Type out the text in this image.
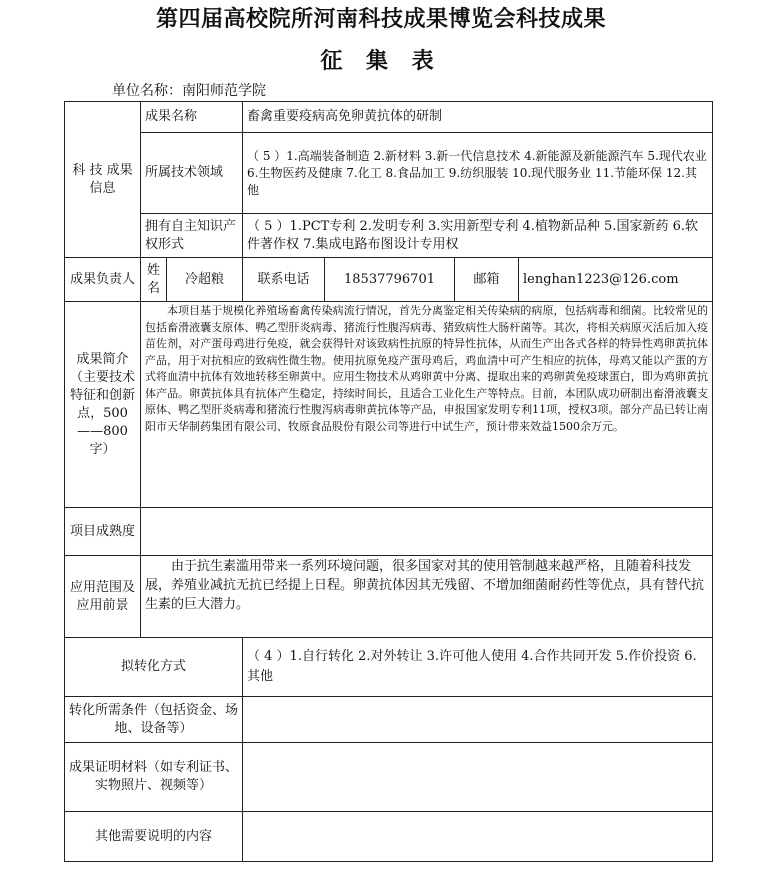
第四届高校院所河南科技成果博览会科技成果
征 集 表
单位名称：南阳师范学院
科 技 成果信息	成果名称		畜禽重要疫病高免卵黄抗体的研制			
	所属技术领域		（ 5 ）1.高端装备制造 2.新材料 3.新一代信息技术 4.新能源及新能源汽车 5.现代农业 6.生物医药及健康 7.化工 8.食品加工 9.纺织服装 10.现代服务业 11.节能环保 12.其他			
	拥有自主知识产权形式		（ 5 ）1.PCT专利 2.发明专利 3.实用新型专利 4.植物新品种 5.国家新药 6.软件著作权 7.集成电路布图设计专用权			
成果负责人	姓名	冷超粮	联系电话	18537796701	邮箱	lenghan1223@126.com
成果简介（主要技术特征和创新点，500——800字）	本项目基于规模化养殖场畜禽传染病流行情况，首先分离鉴定相关传染病的病原，包括病毒和细菌。比较常见的包括畜滑液囊支原体、鸭乙型肝炎病毒、猪流行性腹泻病毒、猪致病性大肠杆菌等。其次，将相关病原灭活后加入疫苗佐剂，对产蛋母鸡进行免疫，就会获得针对该致病性抗原的特异性抗体，从而生产出各式各样的特异性鸡卵黄抗体产品，用于对抗相应的致病性微生物。使用抗原免疫产蛋母鸡后，鸡血清中可产生相应的抗体，母鸡又能以产蛋的方式将血清中抗体有效地转移至卵黄中。应用生物技术从鸡卵黄中分离、提取出来的鸡卵黄免疫球蛋白，即为鸡卵黄抗体产品。卵黄抗体具有抗体产生稳定，持续时间长，且适合工业化生产等特点。目前，本团队成功研制出畜滑液囊支原体、鸭乙型肝炎病毒和猪流行性腹泻病毒卵黄抗体等产品，申报国家发明专利11项，授权3项。部分产品已转让南阳市天华制药集团有限公司、牧原食品股份有限公司等进行中试生产，预计带来效益1500余万元。					
项目成熟度						
应用范围及应用前景	由于抗生素滥用带来一系列环境问题，很多国家对其的使用管制越来越严格，且随着科技发展，养殖业减抗无抗已经提上日程。卵黄抗体因其无残留、不增加细菌耐药性等优点，具有替代抗生素的巨大潜力。					
拟转化方式			（ 4 ）1.自行转化 2.对外转让 3.许可他人使用 4.合作共同开发 5.作价投资 6.其他			
转化所需条件（包括资金、场地、设备等）						
成果证明材料（如专利证书、实物照片、视频等）						
其他需要说明的内容						
